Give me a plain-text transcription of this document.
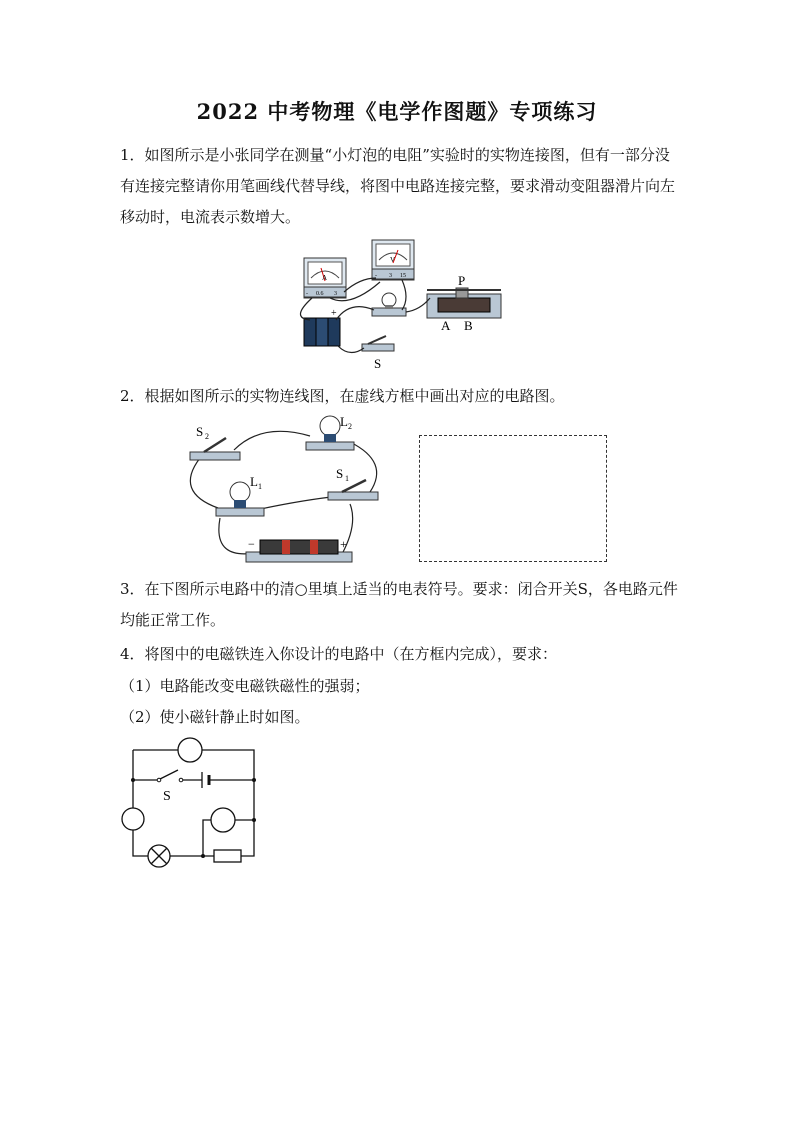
2022 中考物理《电学作图题》专项练习
1．如图所示是小张同学在测量“小灯泡的电阻”实验时的实物连接图，但有一部分没有连接完整请你用笔画线代替导线，将图中电路连接完整，要求滑动变阻器滑片向左移动时，电流表示数增大。
A
- 0.6 3
V
- 3 15
+
S
P
A B
2．根据如图所示的实物连线图，在虚线方框中画出对应的电路图。
S 2
L 2
L 1
S 1
−	+
3．在下图所示电路中的清○里填上适当的电表符号。要求：闭合开关S，各电路元件均能正常工作。
4．将图中的电磁铁连入你设计的电路中（在方框内完成），要求：
（1）电路能改变电磁铁磁性的强弱；
（2）使小磁针静止时如图。
S
